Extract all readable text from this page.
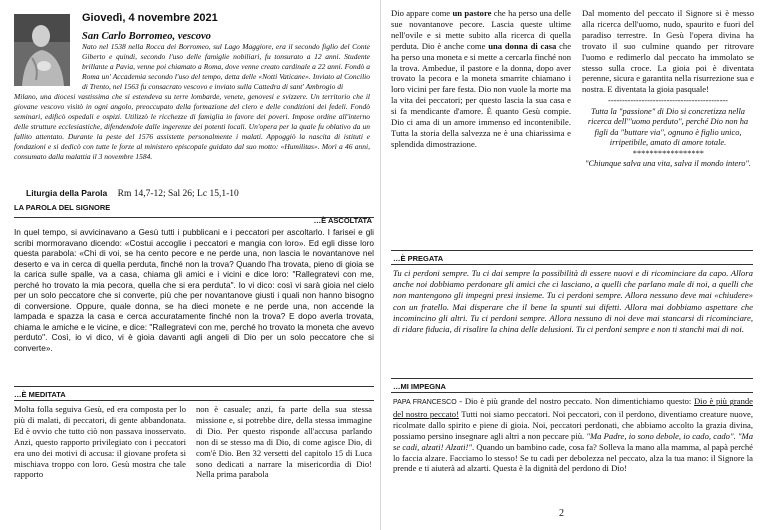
Giovedì, 4 novembre 2021
San Carlo Borromeo, vescovo
Nato nel 1538 nella Rocca dei Borromeo, sul Lago Maggiore, era il secondo figlio del Conte Giberto e quindi, secondo l'uso delle famiglie nobiliari, fu tonsurato a 12 anni. Studente brillante a Pavia, venne poi chiamato a Roma, dove venne creato cardinale a 22 anni. Fondò a Roma un' Accademia secondo l'uso del tempo, detta delle «Notti Vaticane». Inviato al Concilio di Trento, nel 1563 fu consacrato vescovo e inviato sulla Cattedra di sant' Ambrogio di
Milano, una diocesi vastissima che si estendeva su terre lombarde, venete, genovesi e svizzere. Un territorio che il giovane vescovo visitò in ogni angolo, preoccupato della formazione del clero e delle condizioni dei fedeli. Fondò seminari, edificò ospedali e ospizi. Utilizzò le ricchezze di famiglia in favore dei poveri. Impose ordine all'interno delle strutture ecclesiastiche, difendendole dalle ingerenze dei potenti locali. Un'opera per la quale fu oblativo da un fallito attentato. Durante la peste del 1576 assistette personalmente i malati. Appoggiò la nascita di istituti e fondazioni e si dedicò con tutte le forze al ministero episcopale guidato dal suo motto: «Humilitas». Morì a 46 anni, consumato dalla malattia il 3 novembre 1584.
Liturgia della Parola Rm 14,7-12; Sal 26; Lc 15,1-10
LA PAROLA DEL SIGNORE
…È ASCOLTATA
In quel tempo, si avvicinavano a Gesù tutti i pubblicani e i peccatori per ascoltarlo. I farisei e gli scribi mormoravano dicendo: «Costui accoglie i peccatori e mangia con loro». Ed egli disse loro questa parabola: «Chi di voi, se ha cento pecore e ne perde una, non lascia le novantanove nel deserto e va in cerca di quella perduta, finché non la trova? Quando l'ha trovata, pieno di gioia se la carica sulle spalle, va a casa, chiama gli amici e i vicini e dice loro: "Rallegratevi con me, perché ho trovato la mia pecora, quella che si era perduta". Io vi dico: così vi sarà gioia nel cielo per un solo peccatore che si converte, più che per novantanove giusti i quali non hanno bisogno di conversione. Oppure, quale donna, se ha dieci monete e ne perde una, non accende la lampada e spazza la casa e cerca accuratamente finché non la trova? E dopo averla trovata, chiama le amiche e le vicine, e dice: "Rallegratevi con me, perché ho trovato la moneta che avevo perduto". Così, io vi dico, vi è gioia davanti agli angeli di Dio per un solo peccatore che si converte».
…È MEDITATA
Molta folla seguiva Gesù, ed era composta per lo più di malati, di peccatori, di gente abbandonata. Ed è ovvio che tutto ciò non passava inosservato. Anzi, questo rapporto privilegiato con i peccatori era uno dei motivi di accusa: il giovane profeta si mischiava troppo con loro. Gesù mostra che tale rapporto
non è casuale; anzi, fa parte della sua stessa missione e, si potrebbe dire, della stessa immagine di Dio. Per questo risponde all'accusa parlando non di se stesso ma di Dio, di come agisce Dio, di com'è Dio. Ben 32 versetti del capitolo 15 di Luca sono dedicati a narrare la misericordia di Dio! Nella prima parabola
Dio appare come un pastore che ha perso una delle sue novantanove pecore. Lascia queste ultime nell'ovile e si mette subito alla ricerca di quella perduta. Dio è anche come una donna di casa che ha perso una moneta e si mette a cercarla finché non la trova. Ambedue, il pastore e la donna, dopo aver trovato la pecora e la moneta smarrite chiamano i loro vicini per fare festa. Dio non vuole la morte ma la vita dei peccatori; per questo lascia la sua casa e si fa mendicante d'amore. È quanto Gesù compie. Dio ci ama di un amore immenso ed incontenibile. Tutta la storia della salvezza ne è una chiarissima e splendida dimostrazione.
Dal momento del peccato il Signore si è messo alla ricerca dell'uomo, nudo, spaurito e fuori del paradiso terrestre. In Gesù l'opera divina ha trovato il suo culmine quando per ritrovare l'uomo e redimerlo dal peccato ha immolato se stesso sulla croce. La gioia poi è diventata perenne, sicura e garantita nella risurrezione sua e nostra. E diventata la gioia pasquale!
-------------------------------------------
Tutta la "passione" di Dio si concretizza nella ricerca dell'"uomo perduto", perché Dio non ha figli da "buttare via", ognuno è figlio unico, irripetibile, amato di amore totale.
*****************
"Chiunque salva una vita, salva il mondo intero".
…È PREGATA
Tu ci perdoni sempre. Tu ci dai sempre la possibilità di essere nuovi e di ricominciare da capo. Allora anche noi dobbiamo perdonare gli amici che ci lasciano, a quelli che parlano male di noi, a quelli che non mantengono gli impegni presi insieme. Tu ci perdoni sempre. Allora nessuno deve mai «chiudere» con un fratello. Mai disperare che il bene la spunti sui difetti. Allora mai dobbiamo aspettare che incomincino gli altri. Tu ci perdoni sempre. Allora nessuno di noi deve mai stancarsi di ricominciare, di ridare fiducia, di risalire la china delle delusioni. Tu ci perdoni sempre e non ti stanchi mai di noi.
…MI IMPEGNA
PAPA FRANCESCO - Dio è più grande del nostro peccato. Non dimentichiamo questo: Dio è più grande del nostro peccato! Tutti noi siamo peccatori. Noi peccatori, con il perdono, diventiamo creature nuove, ricolmate dallo spirito e piene di gioia. Noi, peccatori perdonati, che abbiamo accolto la grazia divina, possiamo persino insegnare agli altri a non peccare più. "Ma Padre, io sono debole, io cado, cado". "Ma se cadi, alzati! Alzati!". Quando un bambino cade, cosa fa? Solleva la mano alla mamma, al papà perché lo faccia alzare. Facciamo lo stesso! Se tu cadi per debolezza nel peccato, alza la tua mano: il Signore la prende e ti aiuterà ad alzarti. Questa è la dignità del perdono di Dio!
2
